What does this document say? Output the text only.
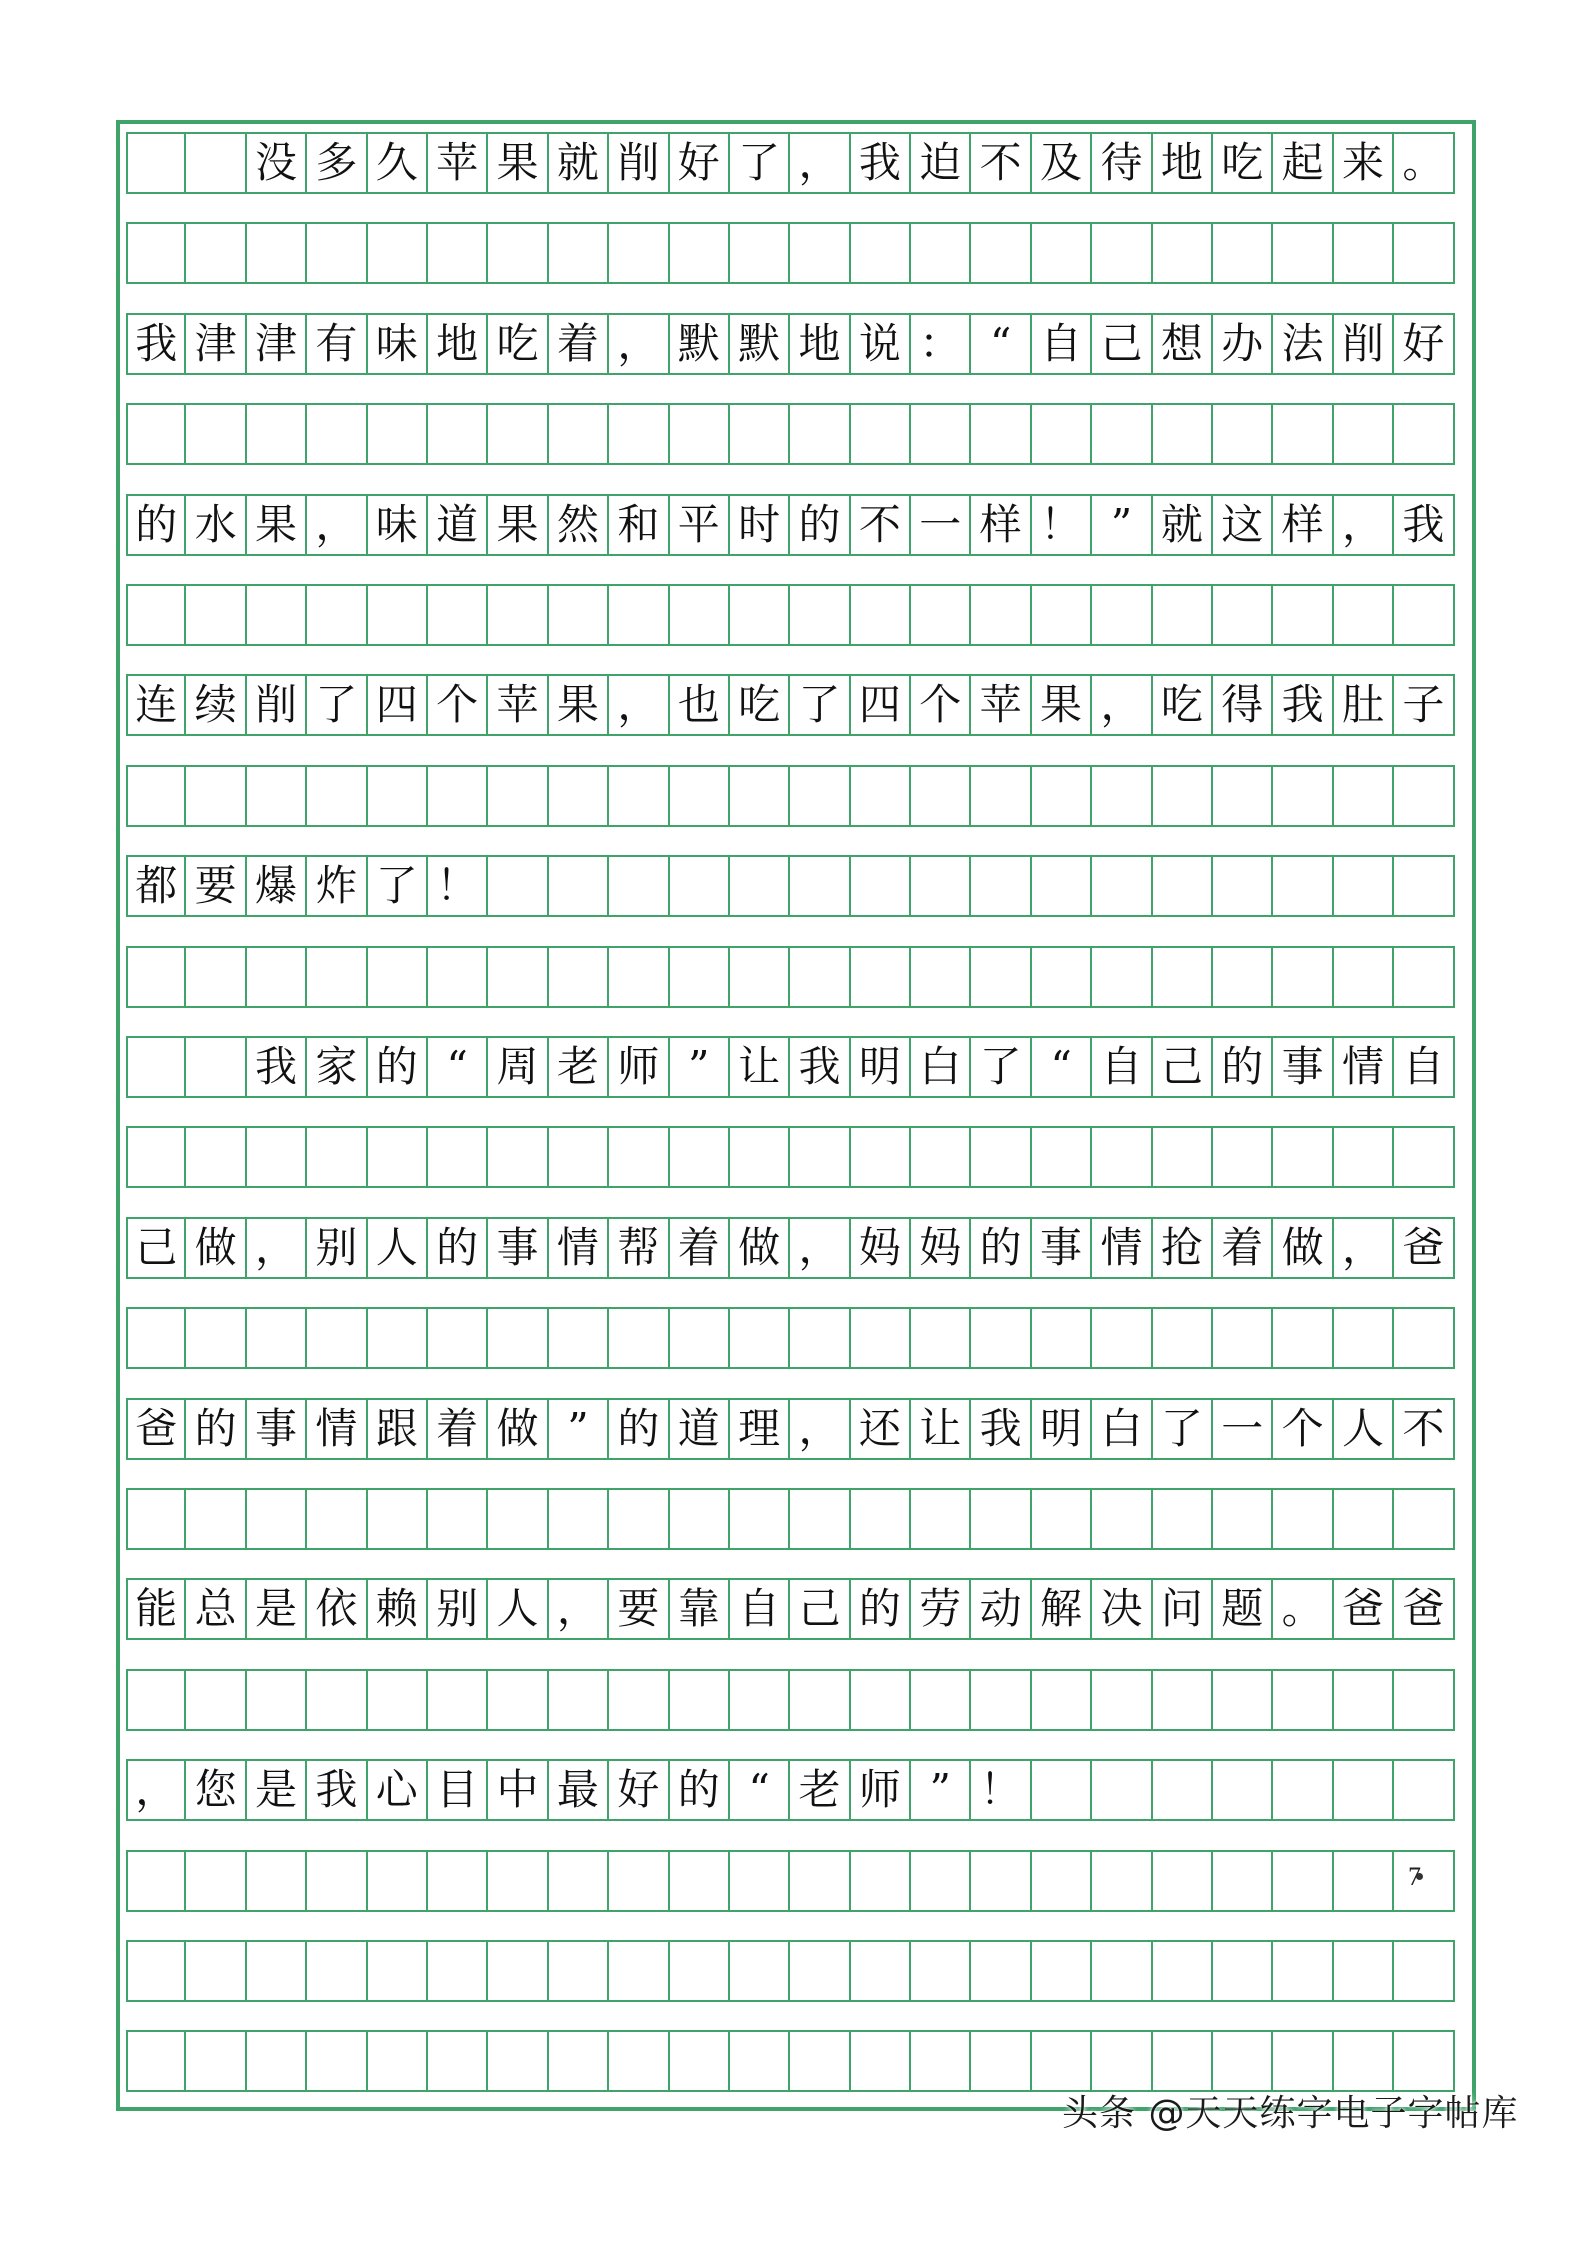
没 多 久 苹 果 就 削 好 了 ， 我 迫 不 及 待 地 吃 起 来 。
我 津 津 有 味 地 吃 着 ， 默 默 地 说 ： “ 自 己 想 办 法 削 好
的 水 果 ， 味 道 果 然 和 平 时 的 不 一 样 ！ ” 就 这 样 ， 我
连 续 削 了 四 个 苹 果 ， 也 吃 了 四 个 苹 果 ， 吃 得 我 肚 子
都 要 爆 炸 了 ！
我 家 的 “ 周 老 师 ” 让 我 明 白 了 “ 自 己 的 事 情 自
己 做 ， 别 人 的 事 情 帮 着 做 ， 妈 妈 的 事 情 抢 着 做 ， 爸
爸 的 事 情 跟 着 做 ” 的 道 理 ， 还 让 我 明 白 了 一 个 人 不
能 总 是 依 赖 别 人 ， 要 靠 自 己 的 劳 动 解 决 问 题 。 爸 爸
， 您 是 我 心 目 中 最 好 的 “ 老 师 ” ！
7
头条 @天天练字电子字帖库
